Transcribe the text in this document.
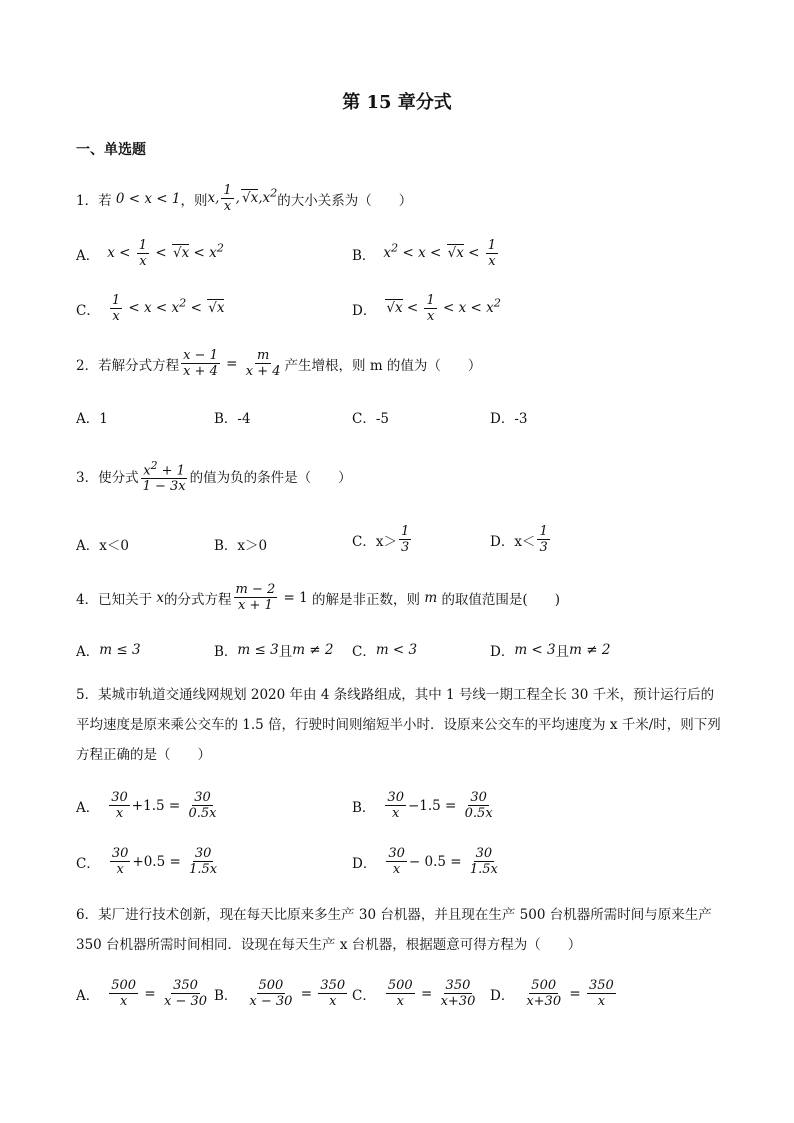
第 15 章分式
一、单选题
1．若 0 < x < 1 ，则 x, $\frac{1}{x}$ , √ $x,x^2$ 的大小关系为（　　）
A． $x < \frac{1}{x}$ < √ $x < x^2$	B． $x^2 < x$ < √ $x < \frac{1}{x}$
C． $\frac{1}{x} < x < x^2$ < √ x	D．	√ $x < \frac{1}{x} < x < x^2$
2．若解分式方程 $\frac{x - 1}{x + 4} = \frac{m}{x + 4}$ 产生增根，则 m 的值为（　　）
A．1	B．-4	C．-5	D．-3
3．使分式 $x^2 + 1$
1 − 3x
的值为负的条件是（　　）
A．x＜0	B．x＞0	C．x＞
1
3	D．x＜
1
3
4．已知关于 x 的分式方程 $\frac{m - 2}{x + 1} = 1$ 的解是非正数，则 m 的取值范围是(　　)
A． m ≤ 3	B． m ≤ 3 且 m ≠ 2 C． m < 3	D． m < 3 且 m ≠ 2
5．某城市轨道交通线网规划 2020 年由 4 条线路组成，其中 1 号线一期工程全长 30 千米，预计运行后的平均速度是原来乘公交车的 1.5 倍，行驶时间则缩短半小时．设原来公交车的平均速度为 x 千米/时，则下列方程正确的是（　　）
A．
30
$x +1.5 = \frac{30}{0.5x}$	B．
30
$x -1.5 = \frac{30}{0.5x}$
C．
30
$x +0.5 = \frac{30}{1.5x}$	D．
30
$x - 0.5 = \frac{30}{1.5x}$
6．某厂进行技术创新，现在每天比原来多生产 30 台机器，并且现在生产 500 台机器所需时间与原来生产 350 台机器所需时间相同．设现在每天生产 x 台机器，根据题意可得方程为（　　）
A． $\frac{500}{x} = \frac{350}{x - 30}$ B． $\frac{500}{x - 30} = \frac{350}{x}$ C． $\frac{500}{x} = \frac{350}{x+30}$ D． $\frac{500}{x+30} = \frac{350}{x}$
